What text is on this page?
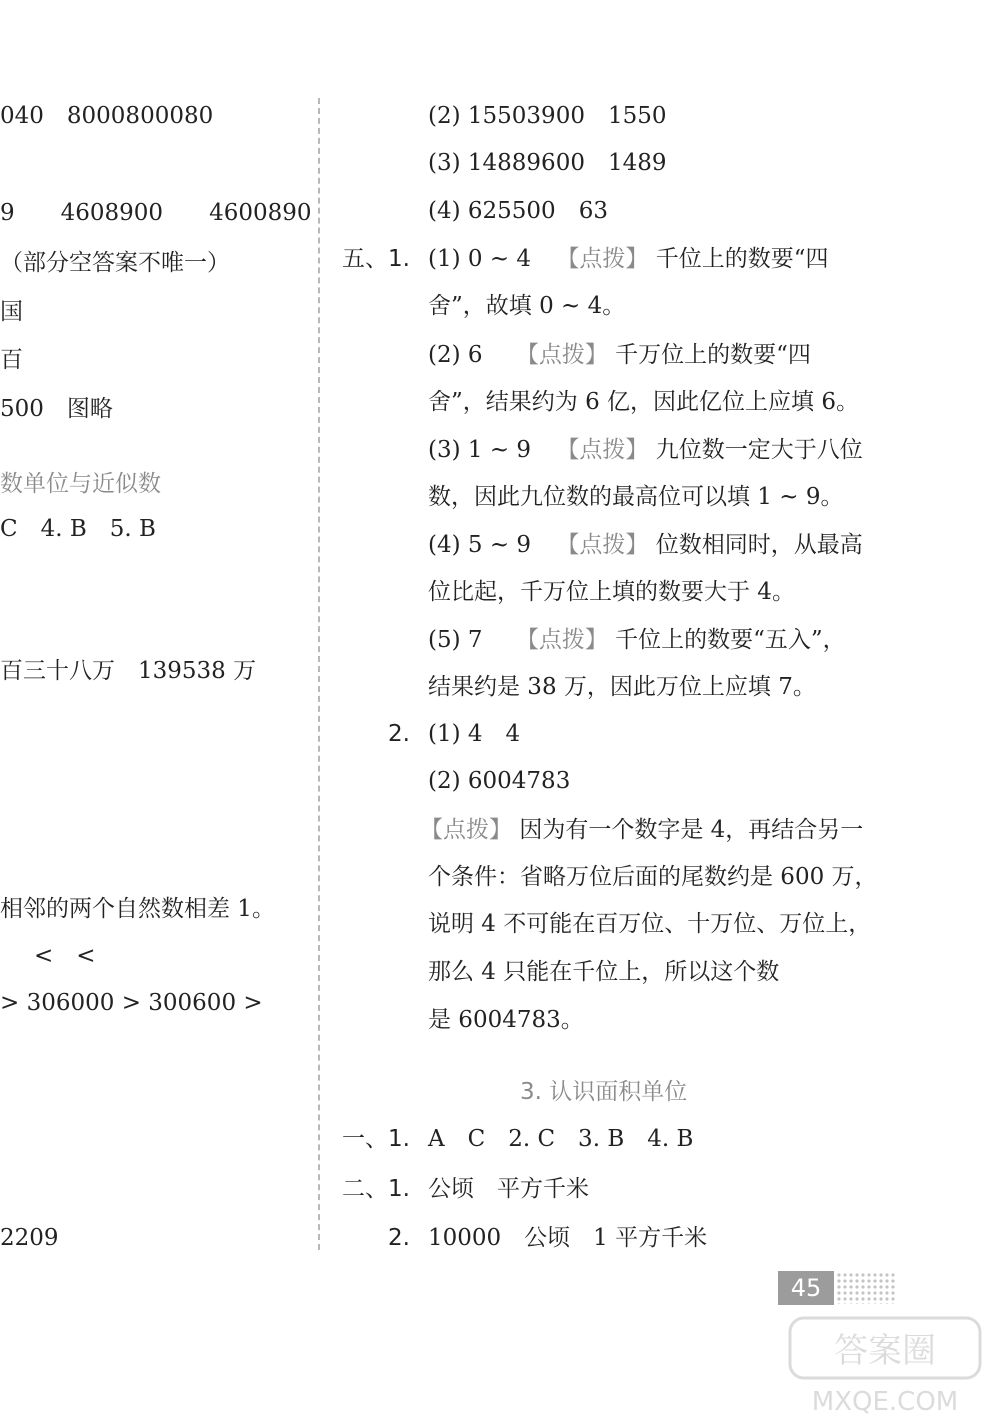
040　8000800080
9　　4608900　　4600890
（部分空答案不唯一）
国
百
500　图略
数单位与近似数
C　4. B　5. B
百三十八万　139538 万
相邻的两个自然数相差 1。
<　<
> 306000 > 300600 >
2209
(2) 15503900　1550
(3) 14889600　1489
(4) 625500　63
五、1. (1) 0 ~ 4 【点拨】 千位上的数要“四
舍”，故填 0 ~ 4。
(2) 6 【点拨】 千万位上的数要“四
舍”，结果约为 6 亿，因此亿位上应填 6。
(3) 1 ~ 9 【点拨】 九位数一定大于八位
数，因此九位数的最高位可以填 1 ~ 9。
(4) 5 ~ 9 【点拨】 位数相同时，从最高
位比起，千万位上填的数要大于 4。
(5) 7 【点拨】 千位上的数要“五入”，
结果约是 38 万，因此万位上应填 7。
2. (1) 4　4
(2) 6004783
【点拨】 因为有一个数字是 4，再结合另一
个条件：省略万位后面的尾数约是 600 万，
说明 4 不可能在百万位、十万位、万位上，
那么 4 只能在千位上，所以这个数
是 6004783。
3. 认识面积单位
一、1. A　C　2. C　3. B　4. B
二、1. 公顷　平方千米
2. 10000　公顷　1 平方千米
45
答案圈
MXQE.COM
